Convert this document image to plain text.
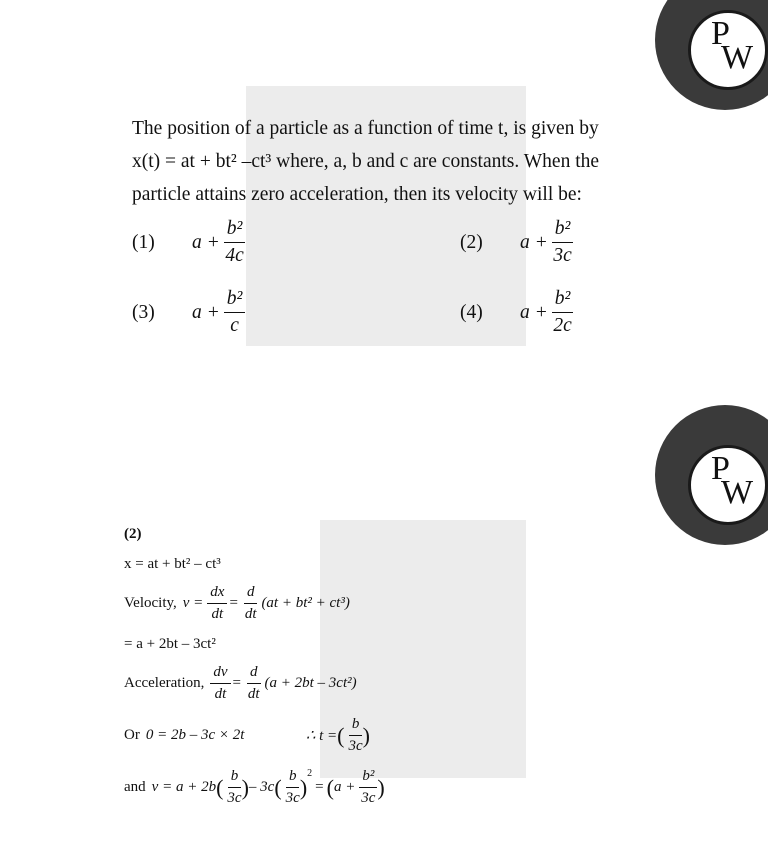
P
W
The position of a particle as a function of time t, is given by
x(t) = at + bt² –ct³ where, a, b and c are constants. When the
particle attains zero acceleration, then its velocity will be:
(1)	$a + \frac{\text{b²}}{4c}$	(2)	$a + \frac{\text{b²}}{3c}$
(3)	$a + \frac{\text{b²}}{c}$	(4)	$a + \frac{\text{b²}}{2c}$
P
W
(2)
x = at + bt² – ct³
Velocity, $v = \frac{dx}{dt} = \frac{d}{dt} (at + bt^2 + ct^3)$
= a + 2bt – 3ct²
Acceleration, $\frac{dv}{dt} = \frac{d}{dt} (a + 2bt - 3ct^2)$
Or 0 = 2b – 3c × 2t	∴ t = ( $\frac{b}{3c}$ )
and v = a + 2b ( $\frac{b}{3c}$ ) – 3c ( $\frac{b}{3c}$ )
$^2$
= ( $a + \frac{\text{b²}}{3c}$ )
